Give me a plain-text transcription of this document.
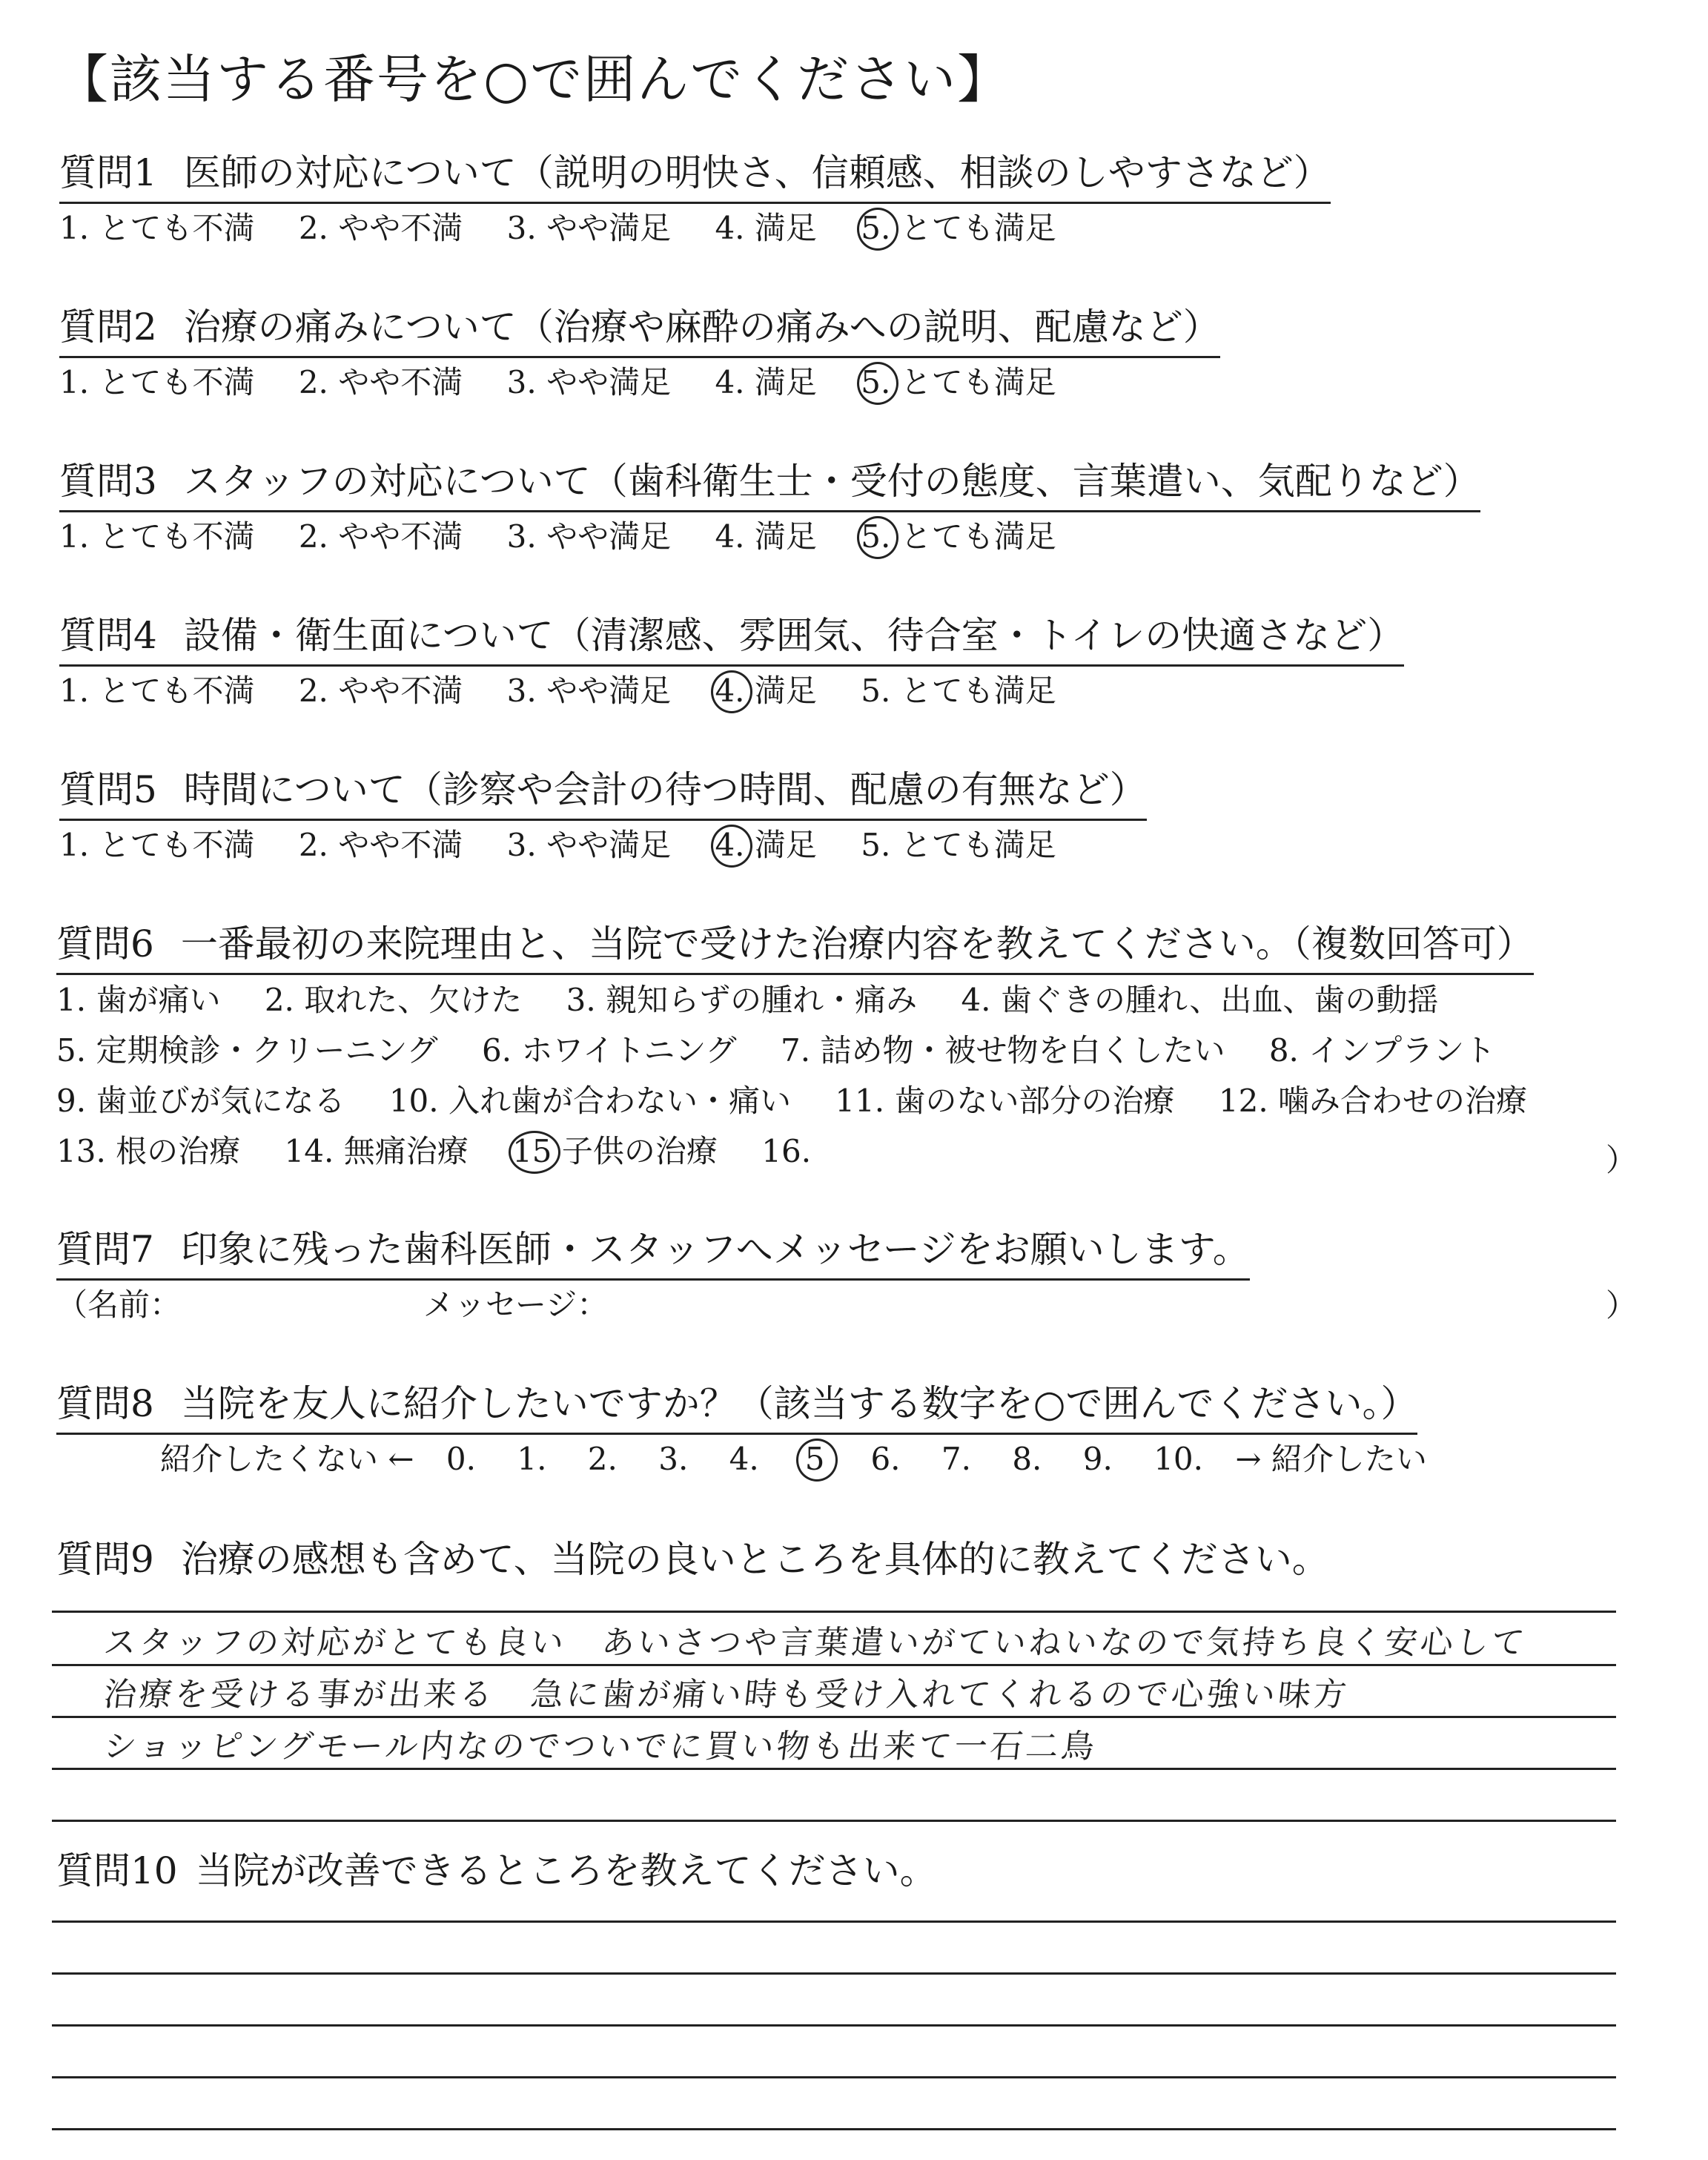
【該当する番号を○で囲んでください】
質問1 医師の対応について（説明の明快さ、信頼感、相談のしやすさなど）
1. とても不満 2. やや不満 3. やや満足 4. 満足 5. とても満足
質問2 治療の痛みについて（治療や麻酔の痛みへの説明、配慮など）
1. とても不満 2. やや不満 3. やや満足 4. 満足 5. とても満足
質問3 スタッフの対応について（歯科衛生士・受付の態度、言葉遣い、気配りなど）
1. とても不満 2. やや不満 3. やや満足 4. 満足 5. とても満足
質問4 設備・衛生面について（清潔感、雰囲気、待合室・トイレの快適さなど）
1. とても不満 2. やや不満 3. やや満足 4. 満足 5. とても満足
質問5 時間について（診察や会計の待つ時間、配慮の有無など）
1. とても不満 2. やや不満 3. やや満足 4. 満足 5. とても満足
質問6 一番最初の来院理由と、当院で受けた治療内容を教えてください。（複数回答可）
1. 歯が痛い 2. 取れた、欠けた 3. 親知らずの腫れ・痛み 4. 歯ぐきの腫れ、出血、歯の動揺
5. 定期検診・クリーニング 6. ホワイトニング 7. 詰め物・被せ物を白くしたい 8. インプラント
9. 歯並びが気になる 10. 入れ歯が合わない・痛い 11. 歯のない部分の治療 12. 噛み合わせの治療
13. 根の治療 14. 無痛治療 15 子供の治療 16.	）
質問7 印象に残った歯科医師・スタッフへメッセージをお願いします。
（名前：	メッセージ：	）
質問8 当院を友人に紹介したいですか？（該当する数字を○で囲んでください。）
紹介したくない ← 0. 1. 2. 3. 4. 5 6. 7. 8. 9. 10. → 紹介したい
質問9 治療の感想も含めて、当院の良いところを具体的に教えてください。
スタッフの対応がとても良い　あいさつや言葉遣いがていねいなので気持ち良く安心して
治療を受ける事が出来る　急に歯が痛い時も受け入れてくれるので心強い味方
ショッピングモール内なのでついでに買い物も出来て一石二鳥
質問10 当院が改善できるところを教えてください。
